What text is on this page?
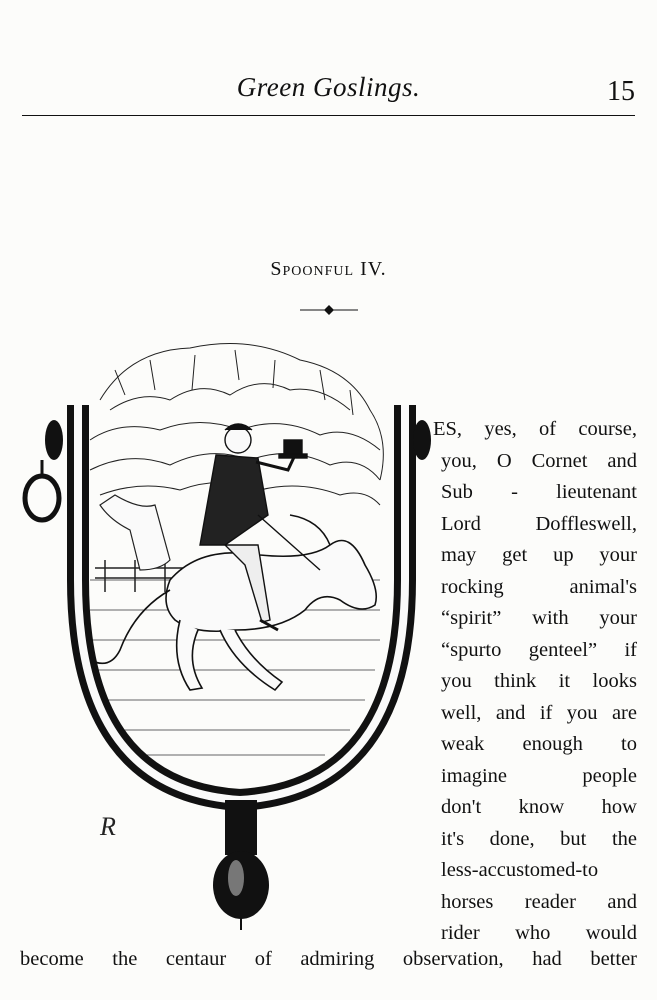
Green Goslings.	15
Spoonful IV.
R
ES, yes, of course,
you, O Cornet and
Sub - lieutenant
Lord	Doffleswell,
may get up your
rocking	animal's
“spirit” with your
“spurto genteel” if
you think it looks
well, and if you are
weak enough to
imagine	people
don't know how
it's done, but the
less-accustomed-to
horses reader and
rider who would
become the centaur of admiring observation, had better
